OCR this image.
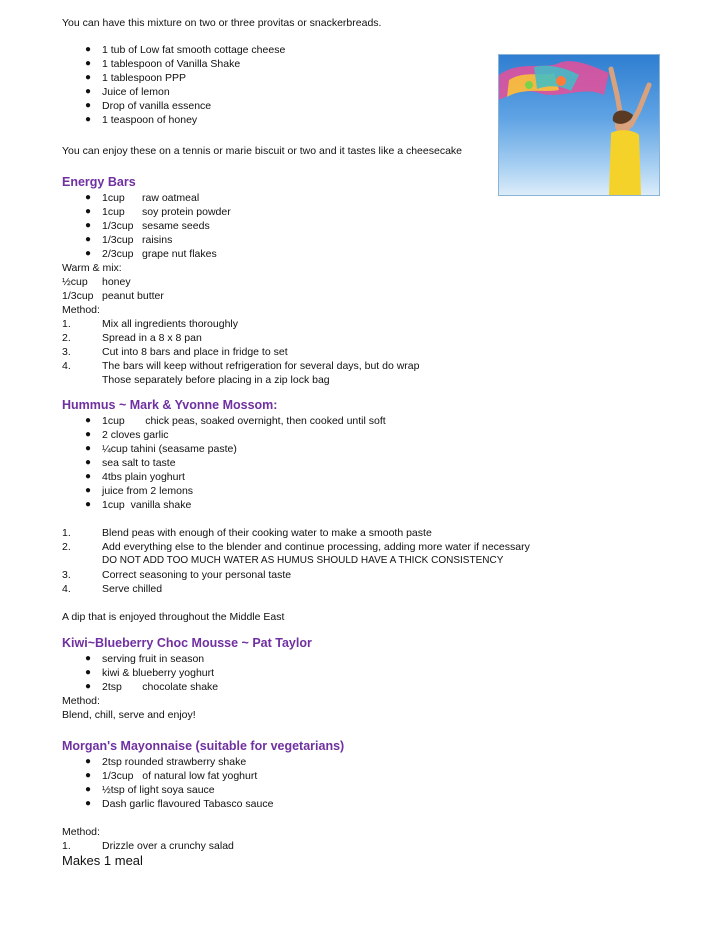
You can have this mixture on two or three provitas or snackerbreads.
● 1 tub of Low fat smooth cottage cheese
● 1 tablespoon of Vanilla Shake
● 1 tablespoon PPP
● Juice of lemon
● Drop of vanilla essence
● 1 teaspoon of honey
You can enjoy these on a tennis or marie biscuit or two and it tastes like a cheesecake
Energy Bars
● 1cup raw oatmeal
● 1cup soy protein powder
● 1/3cup sesame seeds
● 1/3cup raisins
● 2/3cup grape nut flakes
Warm & mix:
½cup honey
1/3cup peanut butter
Method:
1.	Mix all ingredients thoroughly
2.	Spread in a 8 x 8 pan
3.	Cut into 8 bars and place in fridge to set
4.	The bars will keep without refrigeration for several days, but do wrap
Those separately before placing in a zip lock bag
Hummus ~ Mark & Yvonne Mossom:
● 1cup       chick peas, soaked overnight, then cooked until soft
● 2 cloves garlic
● ¼cup tahini (seasame paste)
● sea salt to taste
● 4tbs plain yoghurt
● juice from 2 lemons
● 1cup  vanilla shake
1.	Blend peas with enough of their cooking water to make a smooth paste
2.	Add everything else to the blender and continue processing, adding more water if necessary
DO NOT ADD TOO MUCH WATER AS HUMUS SHOULD HAVE A THICK CONSISTENCY
3.	Correct seasoning to your personal taste
4.	Serve chilled
A dip that is enjoyed throughout the Middle East
Kiwi~Blueberry Choc Mousse ~ Pat Taylor
● serving fruit in season
● kiwi & blueberry yoghurt
● 2tsp       chocolate shake
Method:
Blend, chill, serve and enjoy!
Morgan's Mayonnaise (suitable for vegetarians)
● 2tsp rounded strawberry shake
● 1/3cup   of natural low fat yoghurt
● ½tsp of light soya sauce
● Dash garlic flavoured Tabasco sauce
Method:
1.	Drizzle over a crunchy salad
Makes 1 meal
